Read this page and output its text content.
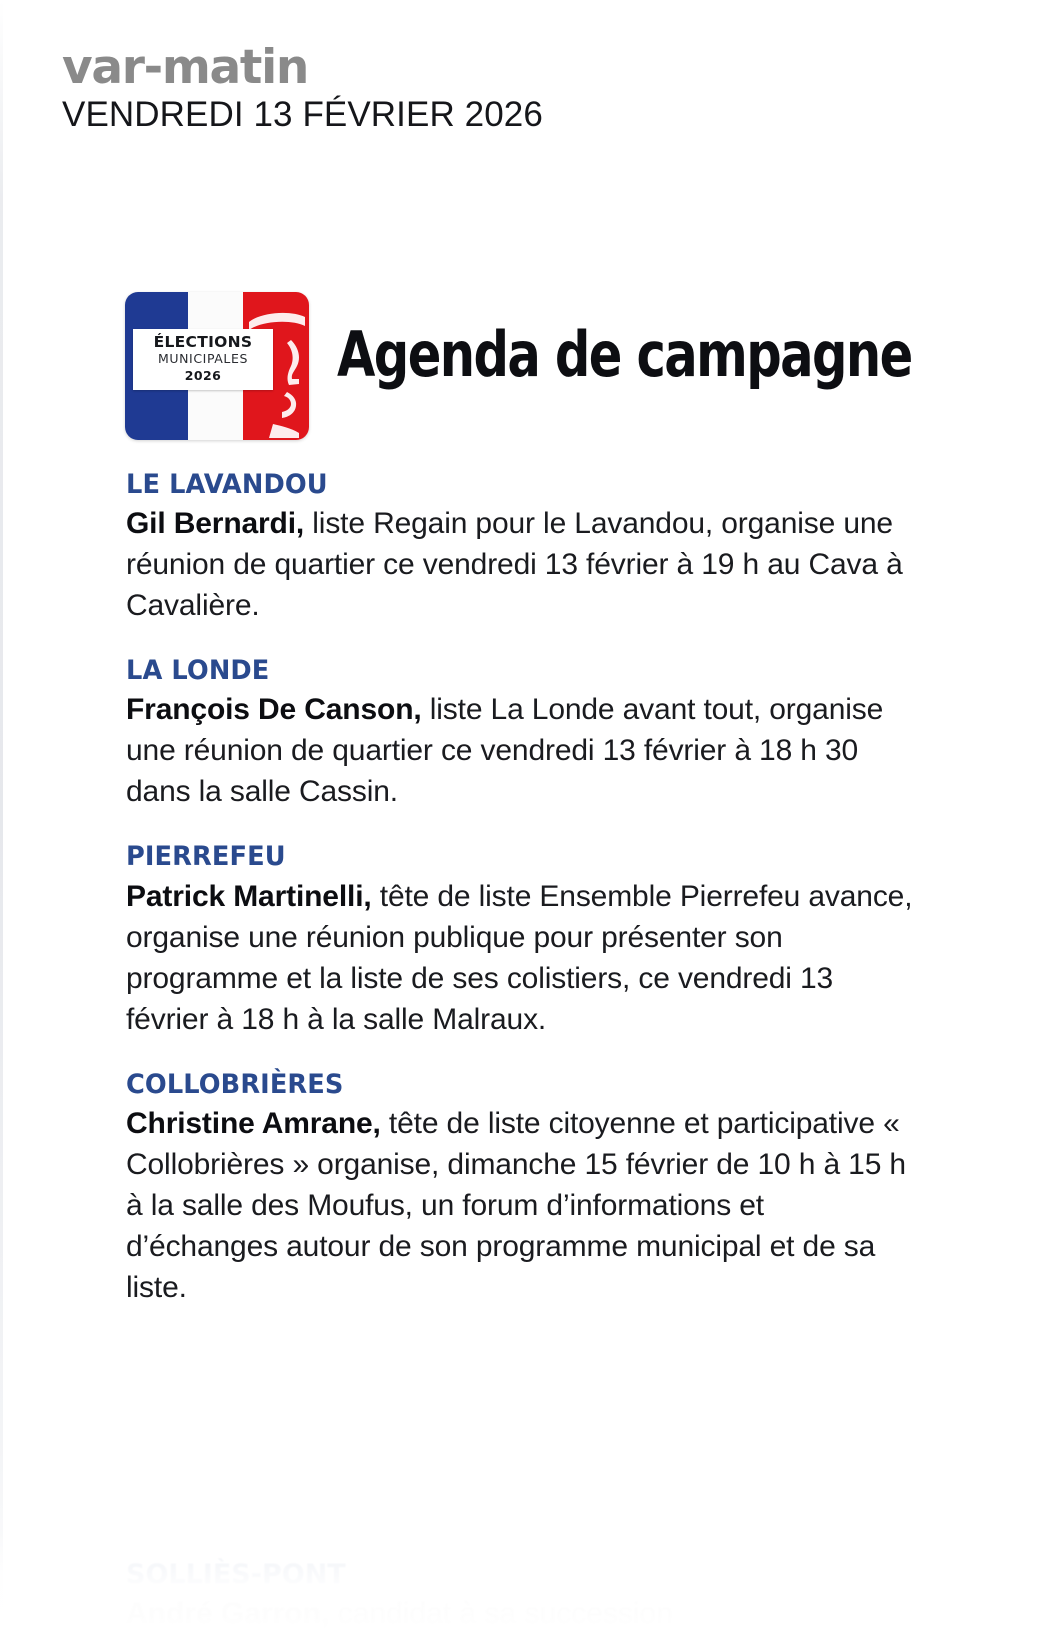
var-matin
VENDREDI 13 FÉVRIER 2026
ÉLECTIONS
MUNICIPALES
2026	Agenda de campagne
LE LAVANDOU

Gil Bernardi, liste Regain pour le Lavandou, organise une réunion de quartier ce vendredi 13 février à 19 h au Cava à Cavalière.

LA LONDE

François De Canson, liste La Londe avant tout, organise une réunion de quartier ce vendredi 13 février à 18 h 30 dans la salle Cassin.

PIERREFEU

Patrick Martinelli, tête de liste Ensemble Pierrefeu avance, organise une réunion publique pour présenter son programme et la liste de ses colistiers, ce vendredi 13 février à 18 h à la salle Malraux.

COLLOBRIÈRES

Christine Amrane, tête de liste citoyenne et participative « Collobrières » organise, dimanche 15 février de 10 h à 15 h à la salle des Moufus, un forum d’informations et d’échanges autour de son programme municipal et de sa liste.

SOLLIÈS-PONT

André Garron, candidat à sa succession
